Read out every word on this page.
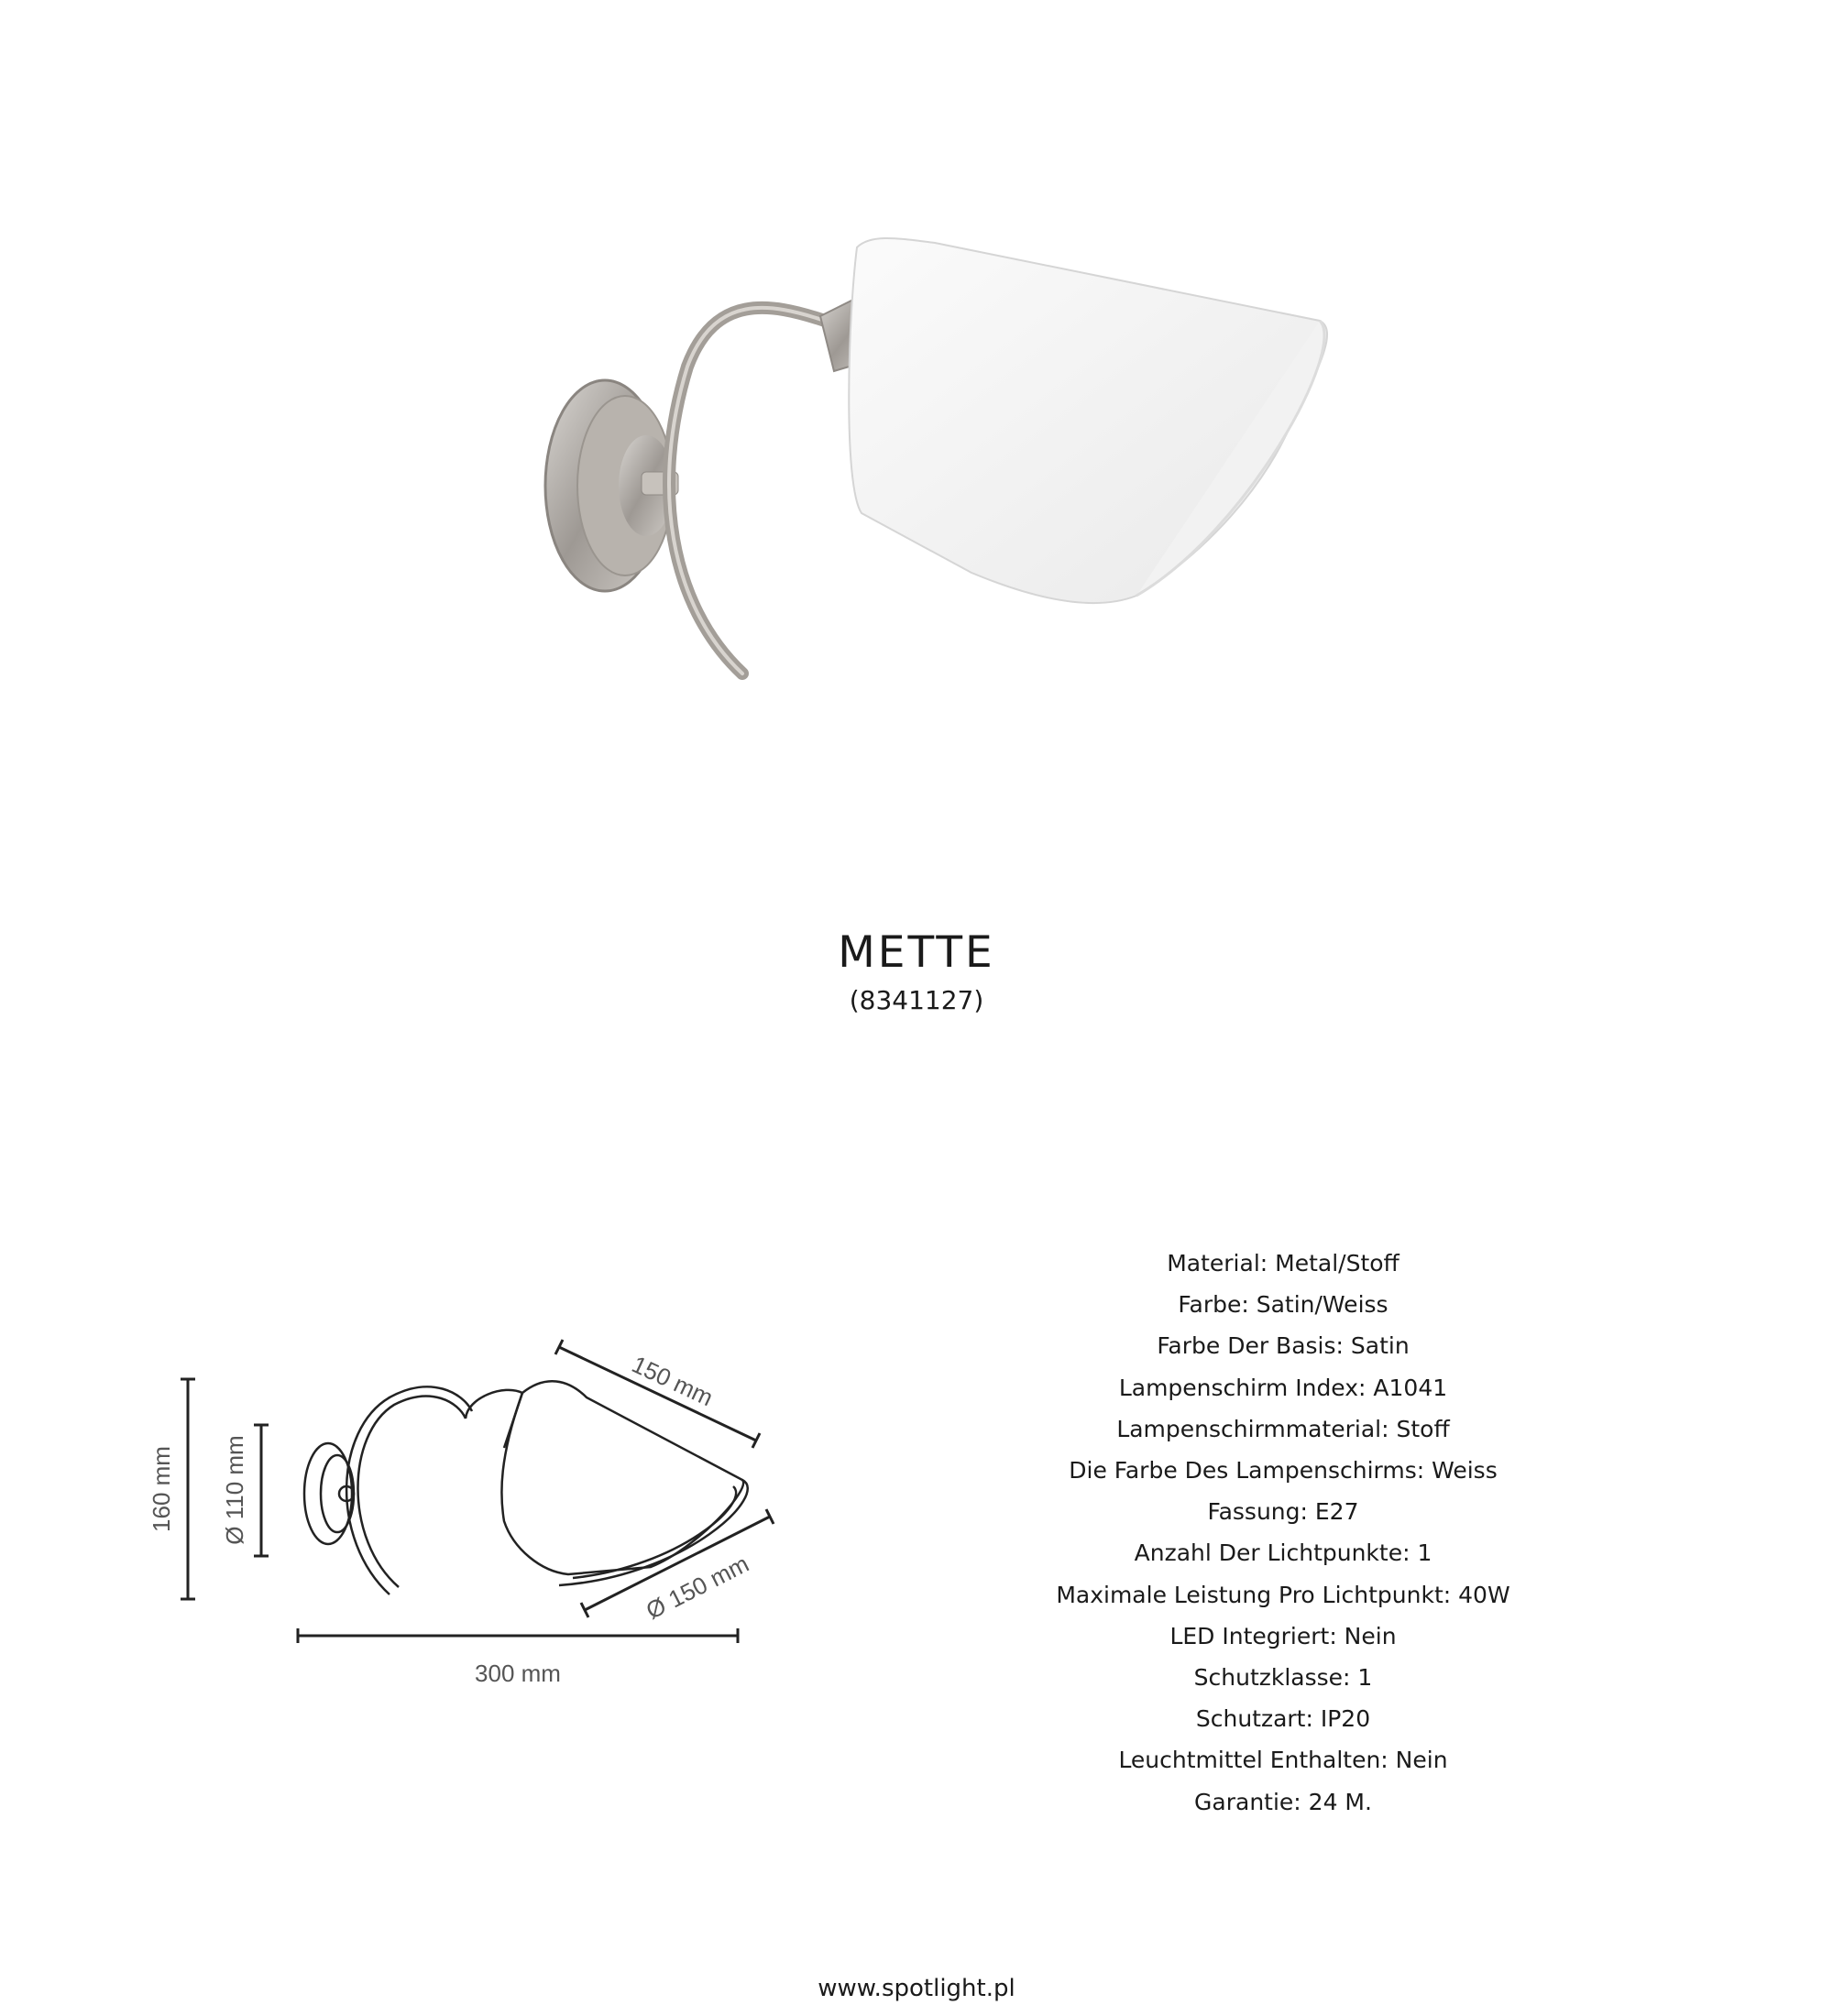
METTE
(8341127)
160 mm Ø 110 mm
150 mm
Ø 150 mm
300 mm
Material: Metal/Stoff
Farbe: Satin/Weiss
Farbe Der Basis: Satin
Lampenschirm Index: A1041
Lampenschirmmaterial: Stoff
Die Farbe Des Lampenschirms: Weiss
Fassung: E27
Anzahl Der Lichtpunkte: 1
Maximale Leistung Pro Lichtpunkt: 40W
LED Integriert: Nein
Schutzklasse: 1
Schutzart: IP20
Leuchtmittel Enthalten: Nein
Garantie: 24 M.
www.spotlight.pl
